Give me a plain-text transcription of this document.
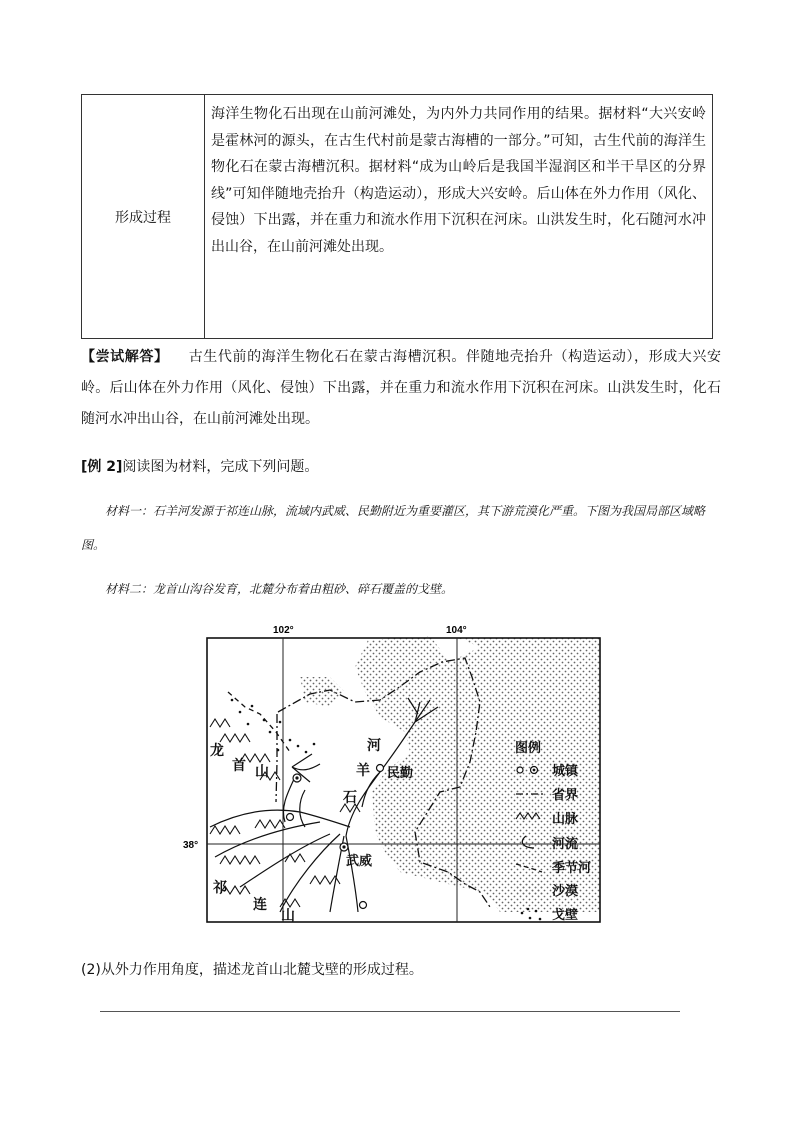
形成过程
海洋生物化石出现在山前河滩处，为内外力共同作用的结果。据材料“大兴安岭是霍林河的源头，在古生代村前是蒙古海槽的一部分。”可知，古生代前的海洋生物化石在蒙古海槽沉积。据材料“成为山岭后是我国半湿润区和半干旱区的分界线”可知伴随地壳抬升（构造运动），形成大兴安岭。后山体在外力作用（风化、侵蚀）下出露，并在重力和流水作用下沉积在河床。山洪发生时，化石随河水冲出山谷，在山前河滩处出现。
【尝试解答】 古生代前的海洋生物化石在蒙古海槽沉积。伴随地壳抬升（构造运动），形成大兴安岭。后山体在外力作用（风化、侵蚀）下出露，并在重力和流水作用下沉积在河床。山洪发生时，化石随河水冲出山谷，在山前河滩处出现。
[例 2]阅读图为材料，完成下列问题。
材料一：石羊河发源于祁连山脉，流域内武威、民勤附近为重要灌区，其下游荒漠化严重。下图为我国局部区域略图。
材料二：龙首山沟谷发育，北麓分布着由粗砂、碎石覆盖的戈壁。
102°	104°
38°
龙
首 山
祁
连
山
河
羊
石
民勤
武威
图例
城镇
省界
山脉
河流
季节河
沙漠
戈壁
(2)从外力作用角度，描述龙首山北麓戈壁的形成过程。
